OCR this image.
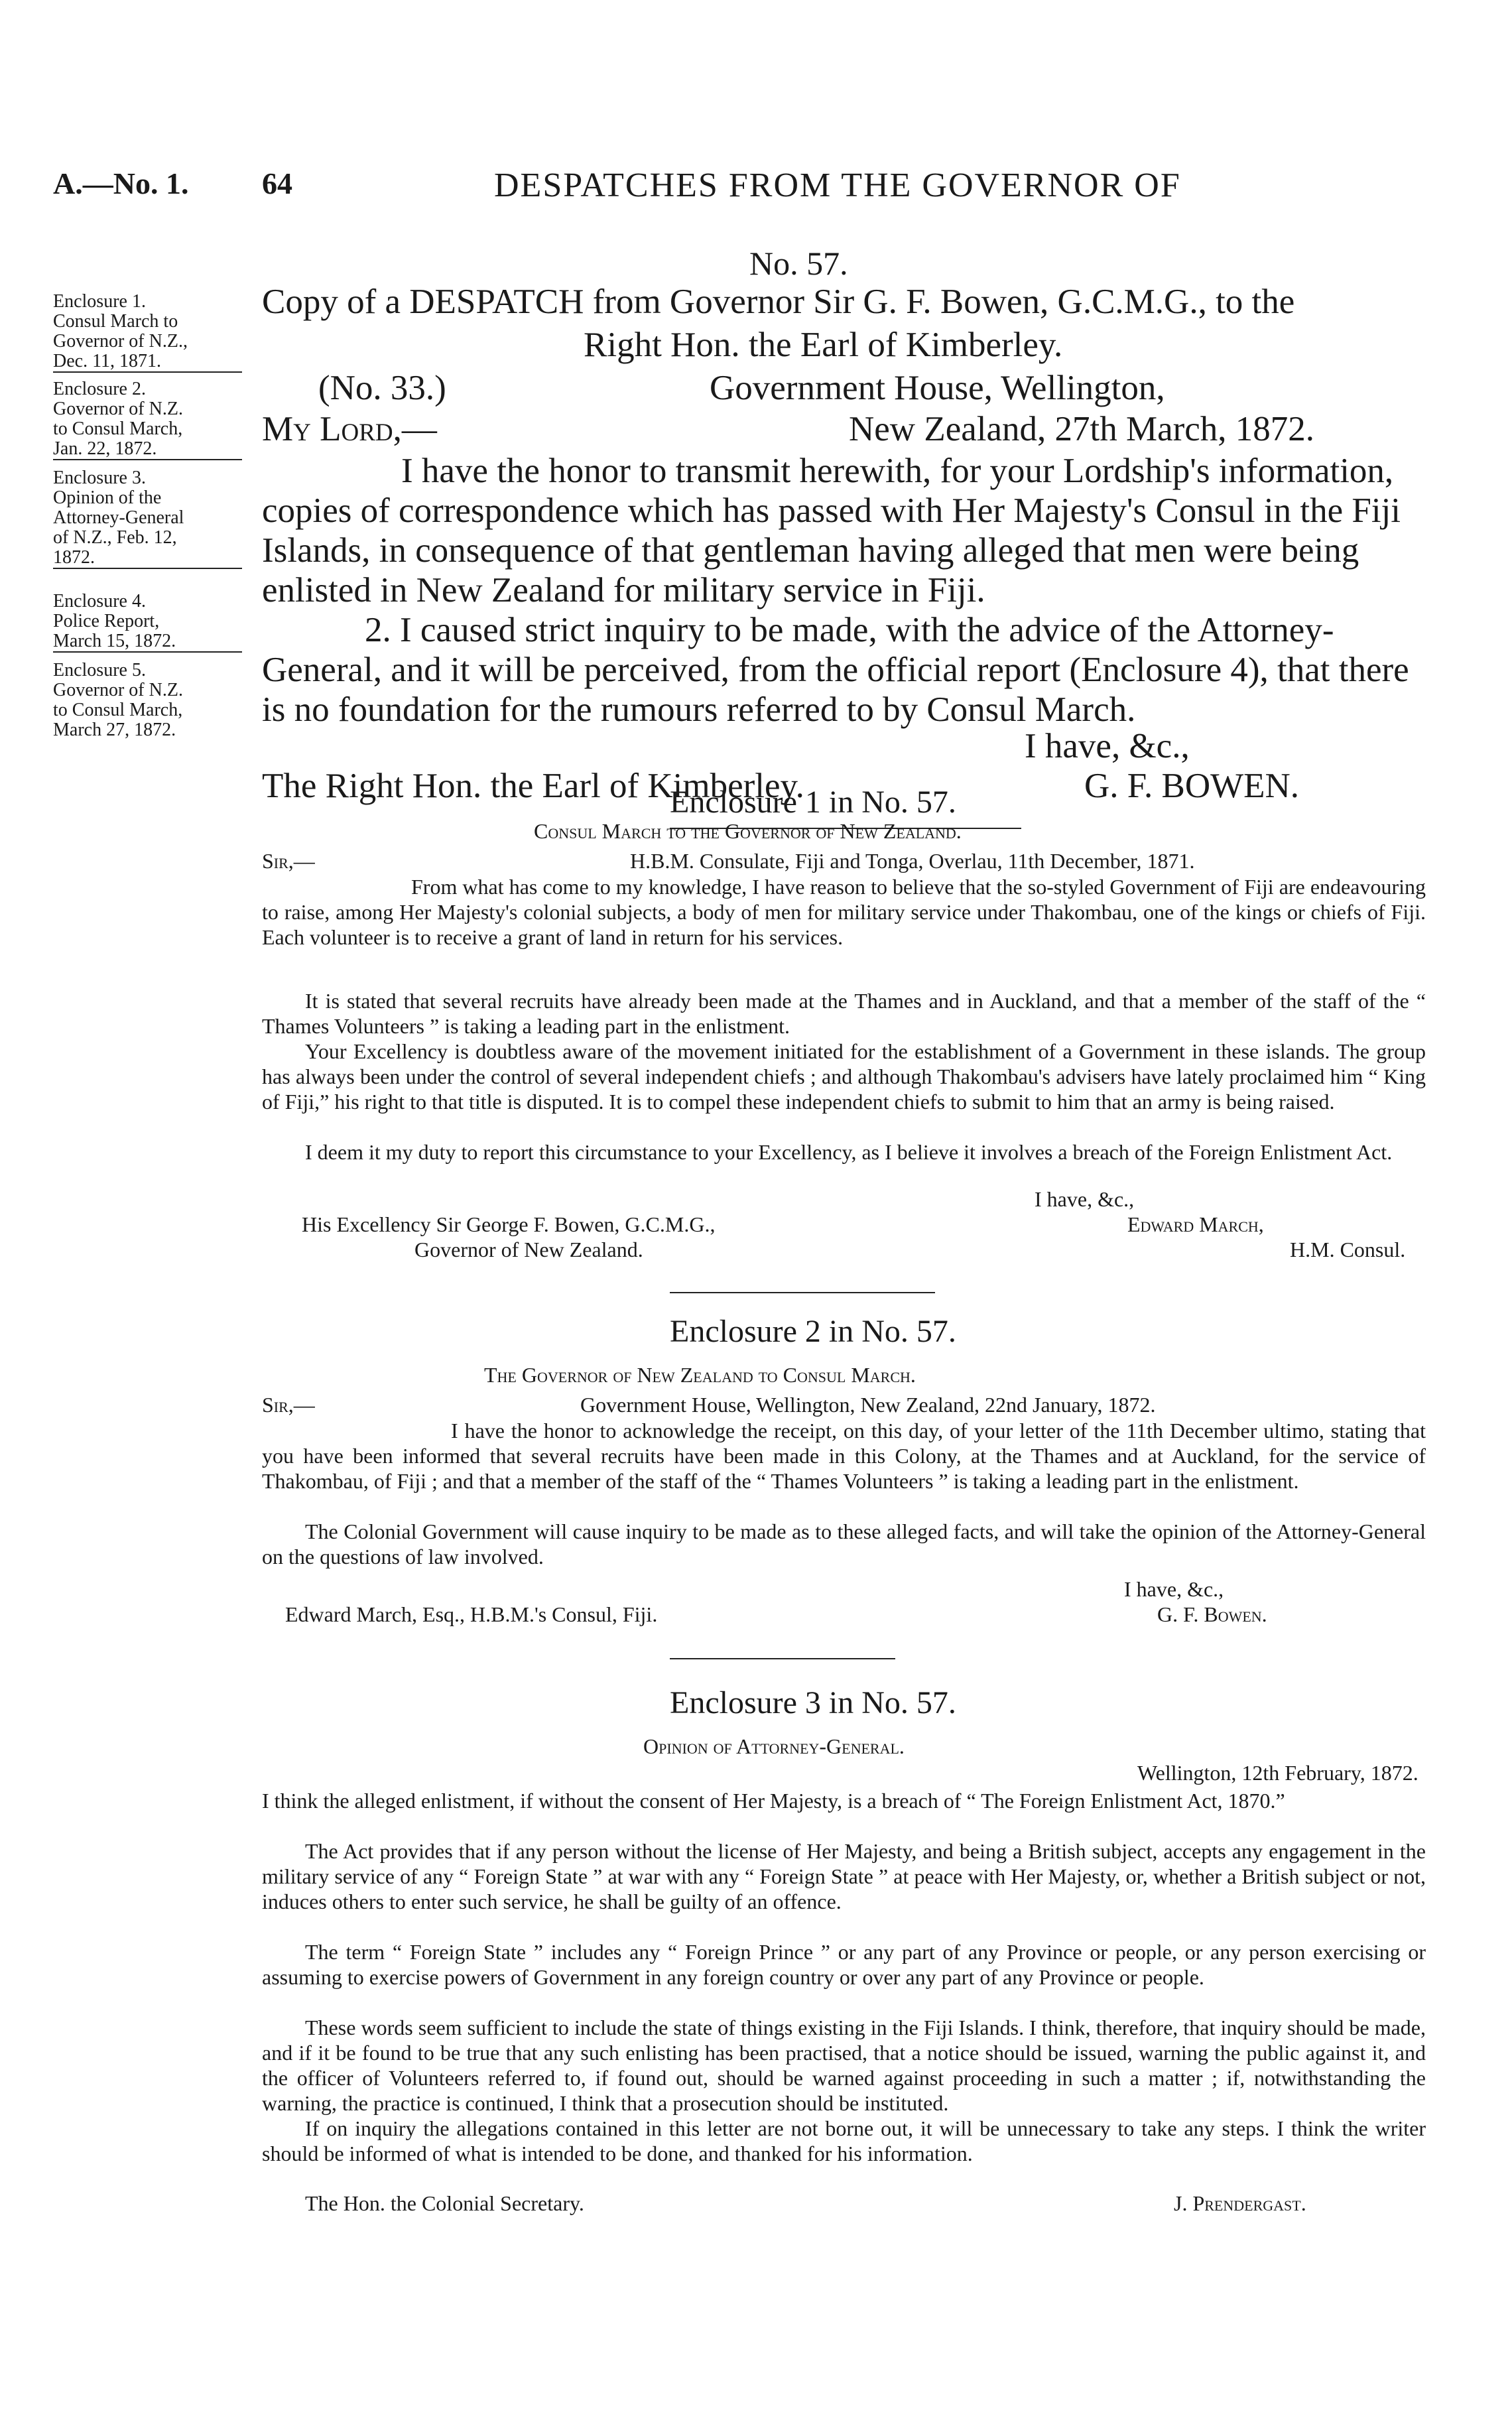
A.—No. 1. 64	DESPATCHES FROM THE GOVERNOR OF
No. 57.
Enclosure 1.
Consul March to
Governor of N.Z.,
Dec. 11, 1871.
Enclosure 2.
Governor of N.Z.
to Consul March,
Jan. 22, 1872.
Enclosure 3.
Opinion of the
Attorney-General
of N.Z., Feb. 12,
1872.
Enclosure 4.
Police Report,
March 15, 1872.
Enclosure 5.
Governor of N.Z.
to Consul March,
March 27, 1872.
Copy of a DESPATCH from Governor Sir G. F. Bowen, G.C.M.G., to the
Right Hon. the Earl of Kimberley.
(No. 33.)	Government House, Wellington,
My Lord,—	New Zealand, 27th March, 1872.
I have the honor to transmit herewith, for your Lordship's information,
copies of correspondence which has passed with Her Majesty's Consul in the Fiji
Islands, in consequence of that gentleman having alleged that men were being
enlisted in New Zealand for military service in Fiji.
2. I caused strict inquiry to be made, with the advice of the Attorney-
General, and it will be perceived, from the official report (Enclosure 4), that there
is no foundation for the rumours referred to by Consul March.
I have, &c.,
The Right Hon. the Earl of Kimberley.	G. F. BOWEN.
Enclosure 1 in No. 57.
Consul March to the Governor of New Zealand.
Sir,—	H.B.M. Consulate, Fiji and Tonga, Overlau, 11th December, 1871.
From what has come to my knowledge, I have reason to believe that the so-styled Government of Fiji are endeavouring to raise, among Her Majesty's colonial subjects, a body of men for military service under Thakombau, one of the kings or chiefs of Fiji. Each volunteer is to receive a grant of land in return for his services.
It is stated that several recruits have already been made at the Thames and in Auckland, and that a member of the staff of the “ Thames Volunteers ” is taking a leading part in the enlistment.
Your Excellency is doubtless aware of the movement initiated for the establishment of a Government in these islands. The group has always been under the control of several independent chiefs ; and although Thakombau's advisers have lately proclaimed him “ King of Fiji,” his right to that title is disputed. It is to compel these independent chiefs to submit to him that an army is being raised.
I deem it my duty to report this circumstance to your Excellency, as I believe it involves a breach of the Foreign Enlistment Act.
I have, &c.,
His Excellency Sir George F. Bowen, G.C.M.G.,	Edward March,
Governor of New Zealand.	H.M. Consul.
Enclosure 2 in No. 57.
The Governor of New Zealand to Consul March.
Sir,—	Government House, Wellington, New Zealand, 22nd January, 1872.
I have the honor to acknowledge the receipt, on this day, of your letter of the 11th December ultimo, stating that you have been informed that several recruits have been made in this Colony, at the Thames and at Auckland, for the service of Thakombau, of Fiji ; and that a member of the staff of the “ Thames Volunteers ” is taking a leading part in the enlistment.
The Colonial Government will cause inquiry to be made as to these alleged facts, and will take the opinion of the Attorney-General on the questions of law involved.
I have, &c.,
Edward March, Esq., H.B.M.'s Consul, Fiji.	G. F. Bowen.
Enclosure 3 in No. 57.
Opinion of Attorney-General.
Wellington, 12th February, 1872.
I think the alleged enlistment, if without the consent of Her Majesty, is a breach of “ The Foreign Enlistment Act, 1870.”
The Act provides that if any person without the license of Her Majesty, and being a British subject, accepts any engagement in the military service of any “ Foreign State ” at war with any “ Foreign State ” at peace with Her Majesty, or, whether a British subject or not, induces others to enter such service, he shall be guilty of an offence.
The term “ Foreign State ” includes any “ Foreign Prince ” or any part of any Province or people, or any person exercising or assuming to exercise powers of Government in any foreign country or over any part of any Province or people.
These words seem sufficient to include the state of things existing in the Fiji Islands. I think, therefore, that inquiry should be made, and if it be found to be true that any such enlisting has been practised, that a notice should be issued, warning the public against it, and the officer of Volunteers referred to, if found out, should be warned against proceeding in such a matter ; if, notwithstanding the warning, the practice is continued, I think that a prosecution should be instituted.
If on inquiry the allegations contained in this letter are not borne out, it will be unnecessary to take any steps. I think the writer should be informed of what is intended to be done, and thanked for his information.
The Hon. the Colonial Secretary.	J. Prendergast.
